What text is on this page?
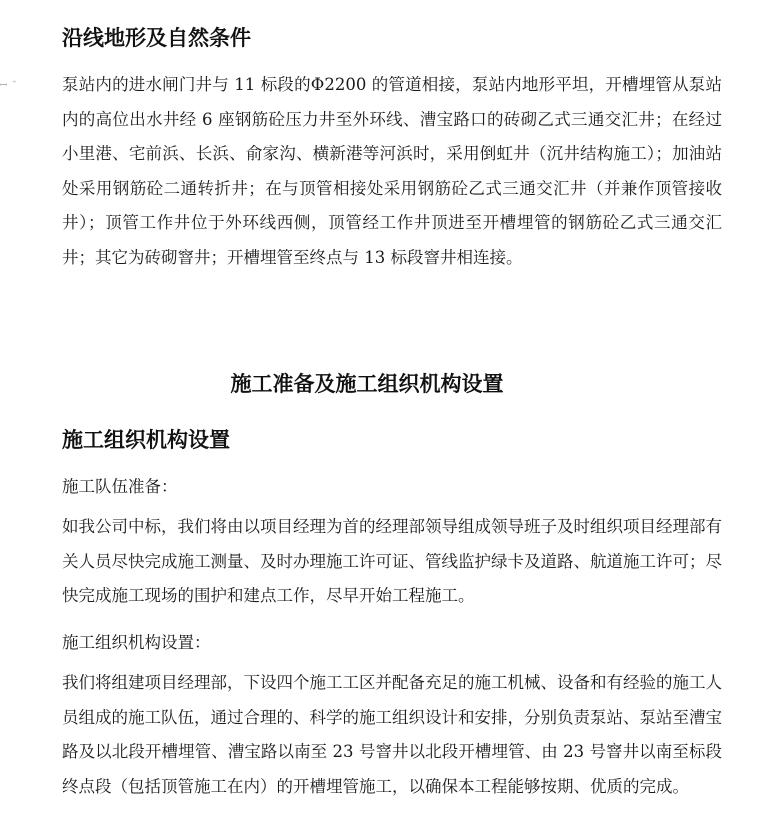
ꟷ ˇ
沿线地形及自然条件

泵站内的进水闸门井与 11 标段的Φ2200 的管道相接，泵站内地形平坦，开槽埋管从泵站内的高位出水井经 6 座钢筋砼压力井至外环线、漕宝路口的砖砌乙式三通交汇井；在经过小里港、宅前浜、长浜、俞家沟、横新港等河浜时，采用倒虹井（沉井结构施工）；加油站处采用钢筋砼二通转折井；在与顶管相接处采用钢筋砼乙式三通交汇井（并兼作顶管接收井）；顶管工作井位于外环线西侧，顶管经工作井顶进至开槽埋管的钢筋砼乙式三通交汇井；其它为砖砌窨井；开槽埋管至终点与 13 标段窨井相连接。

施工准备及施工组织机构设置
施工组织机构设置

施工队伍准备：

如我公司中标，我们将由以项目经理为首的经理部领导组成领导班子及时组织项目经理部有关人员尽快完成施工测量、及时办理施工许可证、管线监护绿卡及道路、航道施工许可；尽快完成施工现场的围护和建点工作，尽早开始工程施工。

施工组织机构设置：

我们将组建项目经理部，下设四个施工工区并配备充足的施工机械、设备和有经验的施工人员组成的施工队伍，通过合理的、科学的施工组织设计和安排，分别负责泵站、泵站至漕宝路及以北段开槽埋管、漕宝路以南至 23 号窨井以北段开槽埋管、由 23 号窨井以南至标段终点段（包括顶管施工在内）的开槽埋管施工，以确保本工程能够按期、优质的完成。
